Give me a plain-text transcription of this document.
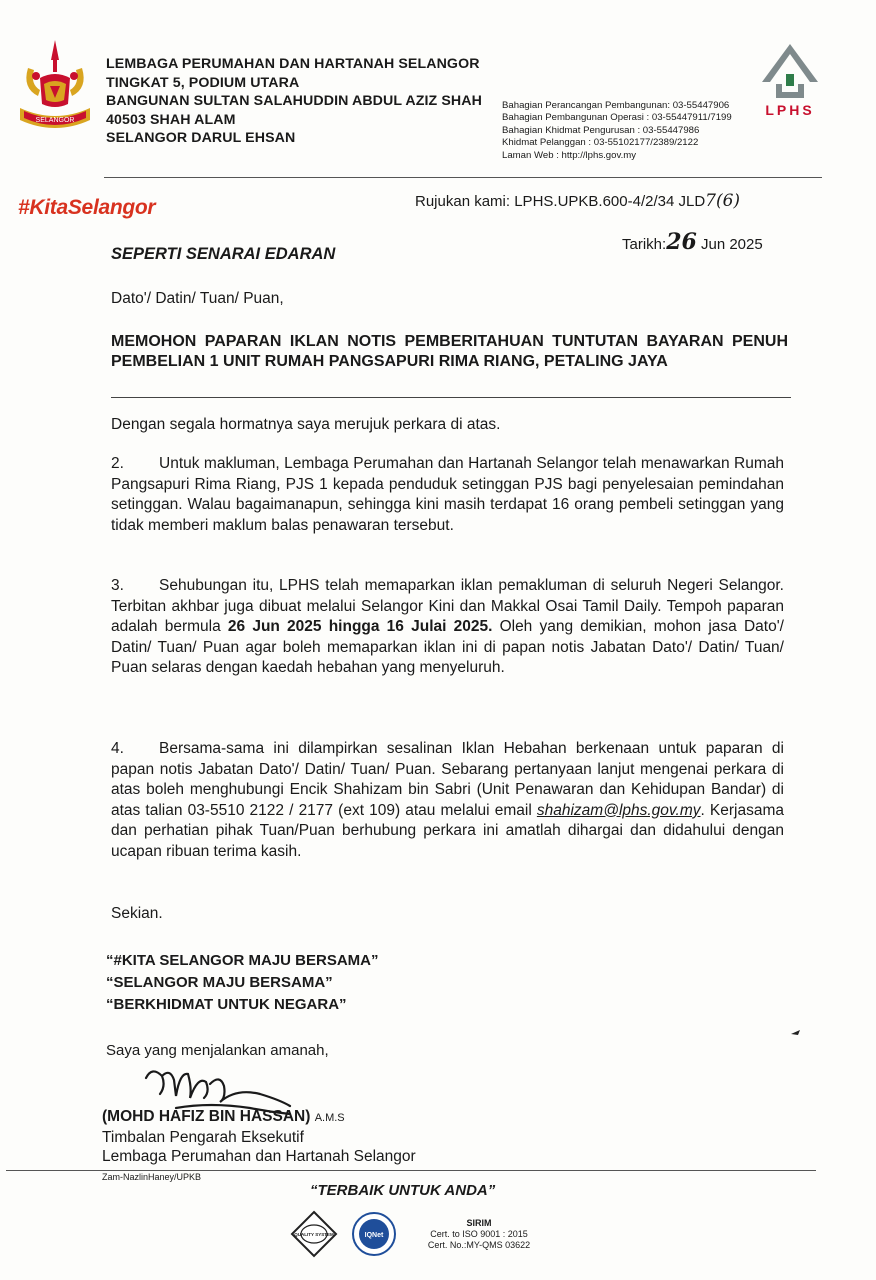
SELANGOR
LEMBAGA PERUMAHAN DAN HARTANAH SELANGOR
TINGKAT 5, PODIUM UTARA
BANGUNAN SULTAN SALAHUDDIN ABDUL AZIZ SHAH
40503 SHAH ALAM
SELANGOR DARUL EHSAN
Bahagian Perancangan Pembangunan: 03-55447906
Bahagian Pembangunan Operasi : 03-55447911/7199
Bahagian Khidmat Pengurusan : 03-55447986
Khidmat Pelanggan : 03-55102177/2389/2122
Laman Web : http://lphs.gov.my
LPHS
#KitaSelangor	Rujukan kami: LPHS.UPKB.600-4/2/34 JLD7(6)
Tarikh:26 Jun 2025
SEPERTI SENARAI EDARAN
Dato'/ Datin/ Tuan/ Puan,
MEMOHON PAPARAN IKLAN NOTIS PEMBERITAHUAN TUNTUTAN BAYARAN PENUH PEMBELIAN 1 UNIT RUMAH PANGSAPURI RIMA RIANG, PETALING JAYA
Dengan segala hormatnya saya merujuk perkara di atas.
2. Untuk makluman, Lembaga Perumahan dan Hartanah Selangor telah menawarkan Rumah Pangsapuri Rima Riang, PJS 1 kepada penduduk setinggan PJS bagi penyelesaian pemindahan setinggan. Walau bagaimanapun, sehingga kini masih terdapat 16 orang pembeli setinggan yang tidak memberi maklum balas penawaran tersebut.
3. Sehubungan itu, LPHS telah memaparkan iklan pemakluman di seluruh Negeri Selangor. Terbitan akhbar juga dibuat melalui Selangor Kini dan Makkal Osai Tamil Daily. Tempoh paparan adalah bermula 26 Jun 2025 hingga 16 Julai 2025. Oleh yang demikian, mohon jasa Dato'/ Datin/ Tuan/ Puan agar boleh memaparkan iklan ini di papan notis Jabatan Dato'/ Datin/ Tuan/ Puan selaras dengan kaedah hebahan yang menyeluruh.
4. Bersama-sama ini dilampirkan sesalinan Iklan Hebahan berkenaan untuk paparan di papan notis Jabatan Dato'/ Datin/ Tuan/ Puan. Sebarang pertanyaan lanjut mengenai perkara di atas boleh menghubungi Encik Shahizam bin Sabri (Unit Penawaran dan Kehidupan Bandar) di atas talian 03-5510 2122 / 2177 (ext 109) atau melalui email shahizam@lphs.gov.my. Kerjasama dan perhatian pihak Tuan/Puan berhubung perkara ini amatlah dihargai dan didahului dengan ucapan ribuan terima kasih.
Sekian.
“#KITA SELANGOR MAJU BERSAMA”
“SELANGOR MAJU BERSAMA”
“BERKHIDMAT UNTUK NEGARA”
Saya yang menjalankan amanah,
(MOHD HAFIZ BIN HASSAN) A.M.S
Timbalan Pengarah Eksekutif
Lembaga Perumahan dan Hartanah Selangor
Zam-NazlinHaney/UPKB
“TERBAIK UNTUK ANDA”
QUALITY SYSTEM	IQNet
SIRIM
Cert. to ISO 9001 : 2015
Cert. No.:MY-QMS 03622
